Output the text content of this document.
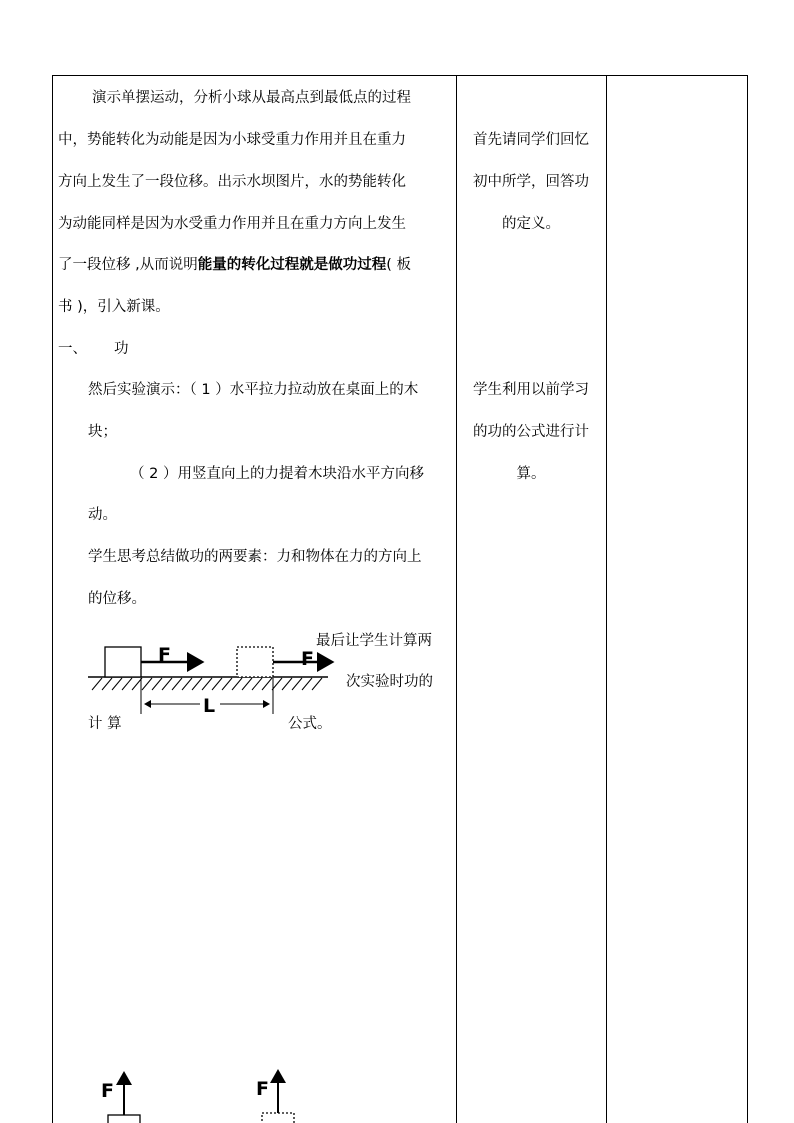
演示单摆运动，分析小球从最高点到最低点的过程
中，势能转化为动能是因为小球受重力作用并且在重力
方向上发生了一段位移。出示水坝图片，水的势能转化
为动能同样是因为水受重力作用并且在重力方向上发生
了一段位移 ,从而说明能量的转化过程就是做功过程( 板
书 )，引入新课。
一、 功
然后实验演示：（ 1 ）水平拉力拉动放在桌面上的木
块；
（ 2 ）用竖直向上的力提着木块沿水平方向移
动。
学生思考总结做功的两要素：力和物体在力的方向上
的位移。
最后让学生计算两
次实验时功的
计 算	公式。
F	F
L
F	F
首先请同学们回忆
初中所学，回答功
的定义。
学生利用以前学习
的功的公式进行计
算。
